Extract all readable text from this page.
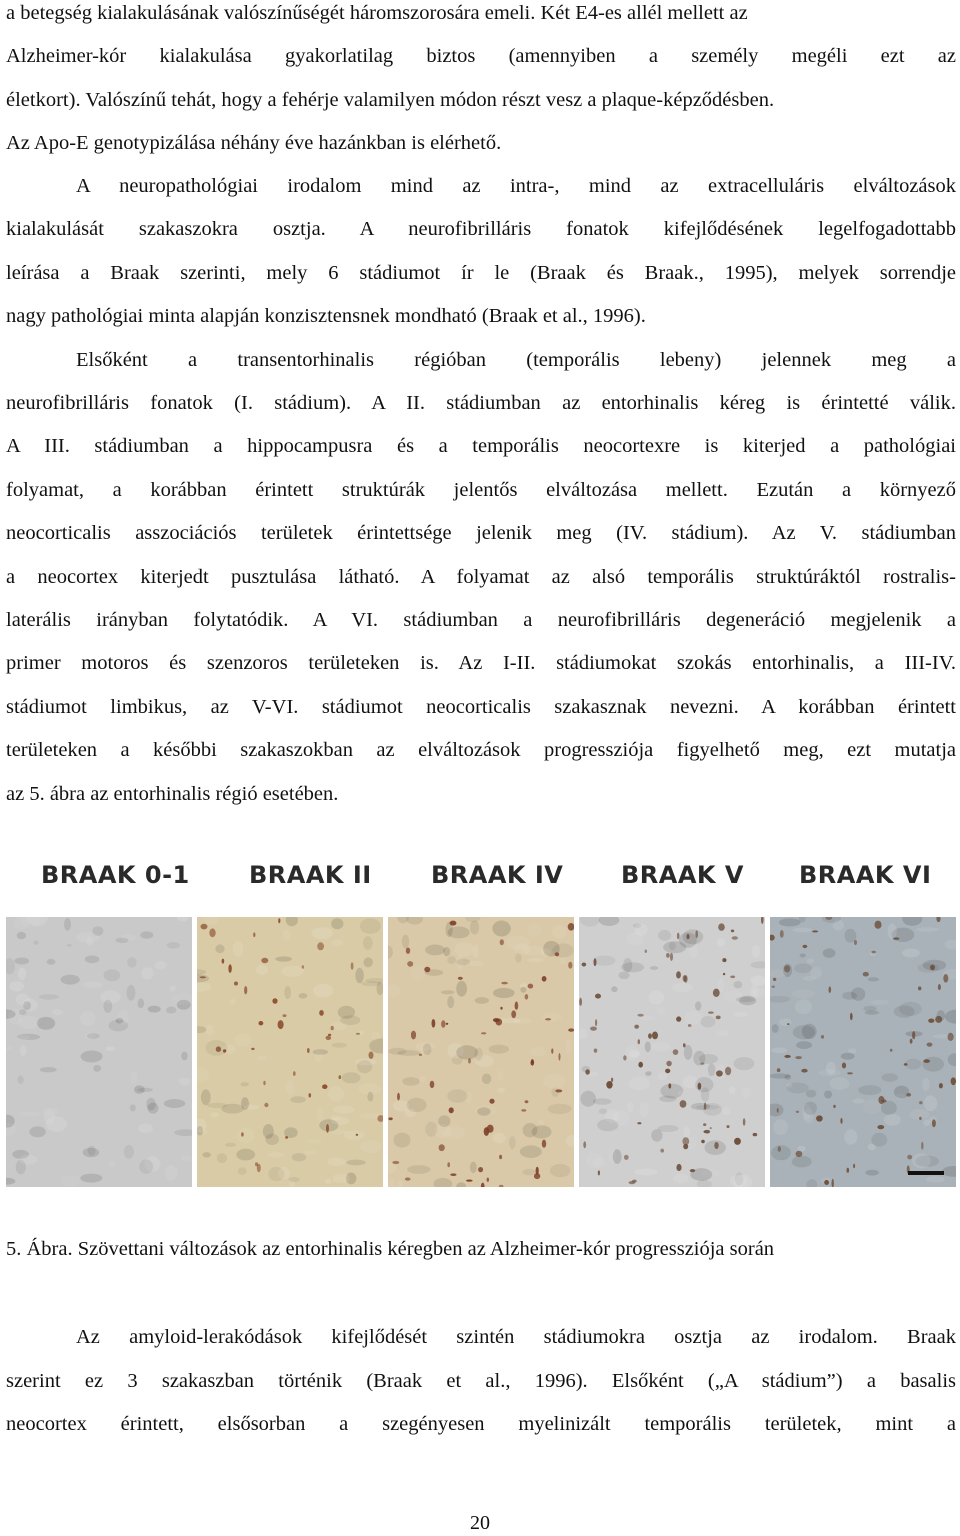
a betegség kialakulásának valószínűségét háromszorosára emeli. Két E4-es allél mellett az
Alzheimer-kór kialakulása gyakorlatilag biztos (amennyiben a személy megéli ezt az
életkort). Valószínű tehát, hogy a fehérje valamilyen módon részt vesz a plaque-képződésben.
Az Apo-E genotypizálása néhány éve hazánkban is elérhető.
A neuropathológiai irodalom mind az intra-, mind az extracelluláris elváltozások
kialakulását szakaszokra osztja. A neurofibrilláris fonatok kifejlődésének legelfogadottabb
leírása a Braak szerinti, mely 6 stádiumot ír le (Braak és Braak., 1995), melyek sorrendje
nagy pathológiai minta alapján konzisztensnek mondható (Braak et al., 1996).
Elsőként a transentorhinalis régióban (temporális lebeny) jelennek meg a
neurofibrilláris fonatok (I. stádium). A II. stádiumban az entorhinalis kéreg is érintetté válik.
A III. stádiumban a hippocampusra és a temporális neocortexre is kiterjed a pathológiai
folyamat, a korábban érintett struktúrák jelentős elváltozása mellett. Ezután a környező
neocorticalis asszociációs területek érintettsége jelenik meg (IV. stádium). Az V. stádiumban
a neocortex kiterjedt pusztulása látható. A folyamat az alsó temporális struktúráktól rostralis-
laterális irányban folytatódik. A VI. stádiumban a neurofibrilláris degeneráció megjelenik a
primer motoros és szenzoros területeken is. Az I-II. stádiumokat szokás entorhinalis, a III-IV.
stádiumot limbikus, az V-VI. stádiumot neocorticalis szakasznak nevezni. A korábban érintett
területeken a későbbi szakaszokban az elváltozások progressziója figyelhető meg, ezt mutatja
az 5. ábra az entorhinalis régió esetében.
BRAAK 0-1 BRAAK II BRAAK IV BRAAK V BRAAK VI
5. Ábra. Szövettani változások az entorhinalis kéregben az Alzheimer-kór progressziója során
Az amyloid-lerakódások kifejlődését szintén stádiumokra osztja az irodalom. Braak
szerint ez 3 szakaszban történik (Braak et al., 1996). Elsőként („A stádium”) a basalis
neocortex érintett, elsősorban a szegényesen myelinizált temporális területek, mint a
20
